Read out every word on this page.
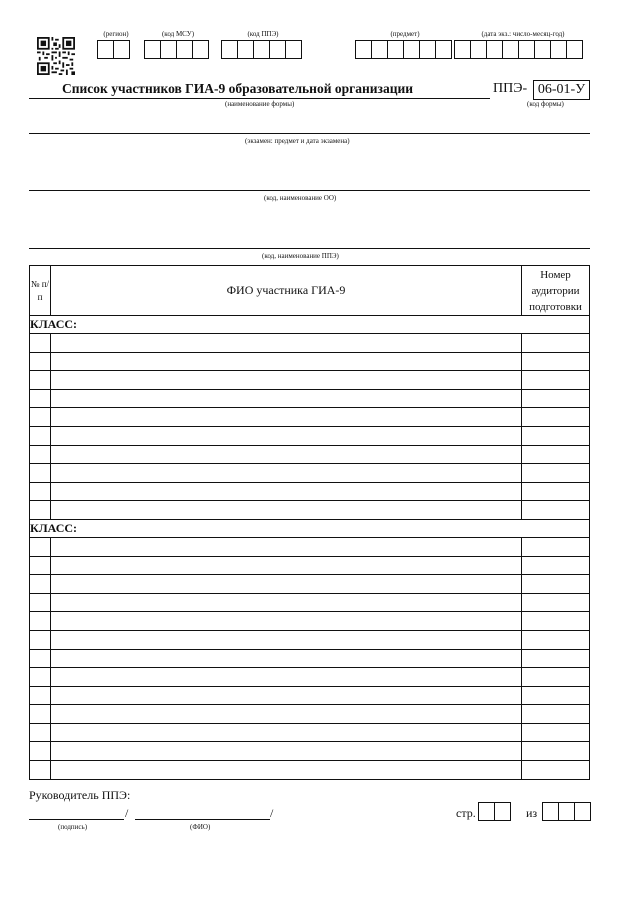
(регион)	(код МСУ)	(код ППЭ)	(предмет)	(дата экз.: число-месяц-год)
Список участников ГИА-9 образовательной организации
(наименование формы)
ППЭ- 06-01-У
(код формы)
(экзамен: предмет и дата экзамена)
(код, наименование ОО)
(код, наименование ППЭ)
№ п/п	ФИО участника ГИА-9	Номер аудитории подготовки
КЛАСС:		

КЛАСС:		

Руководитель ППЭ:
/	/
(подпись)	(ФИО)
стр.	из
